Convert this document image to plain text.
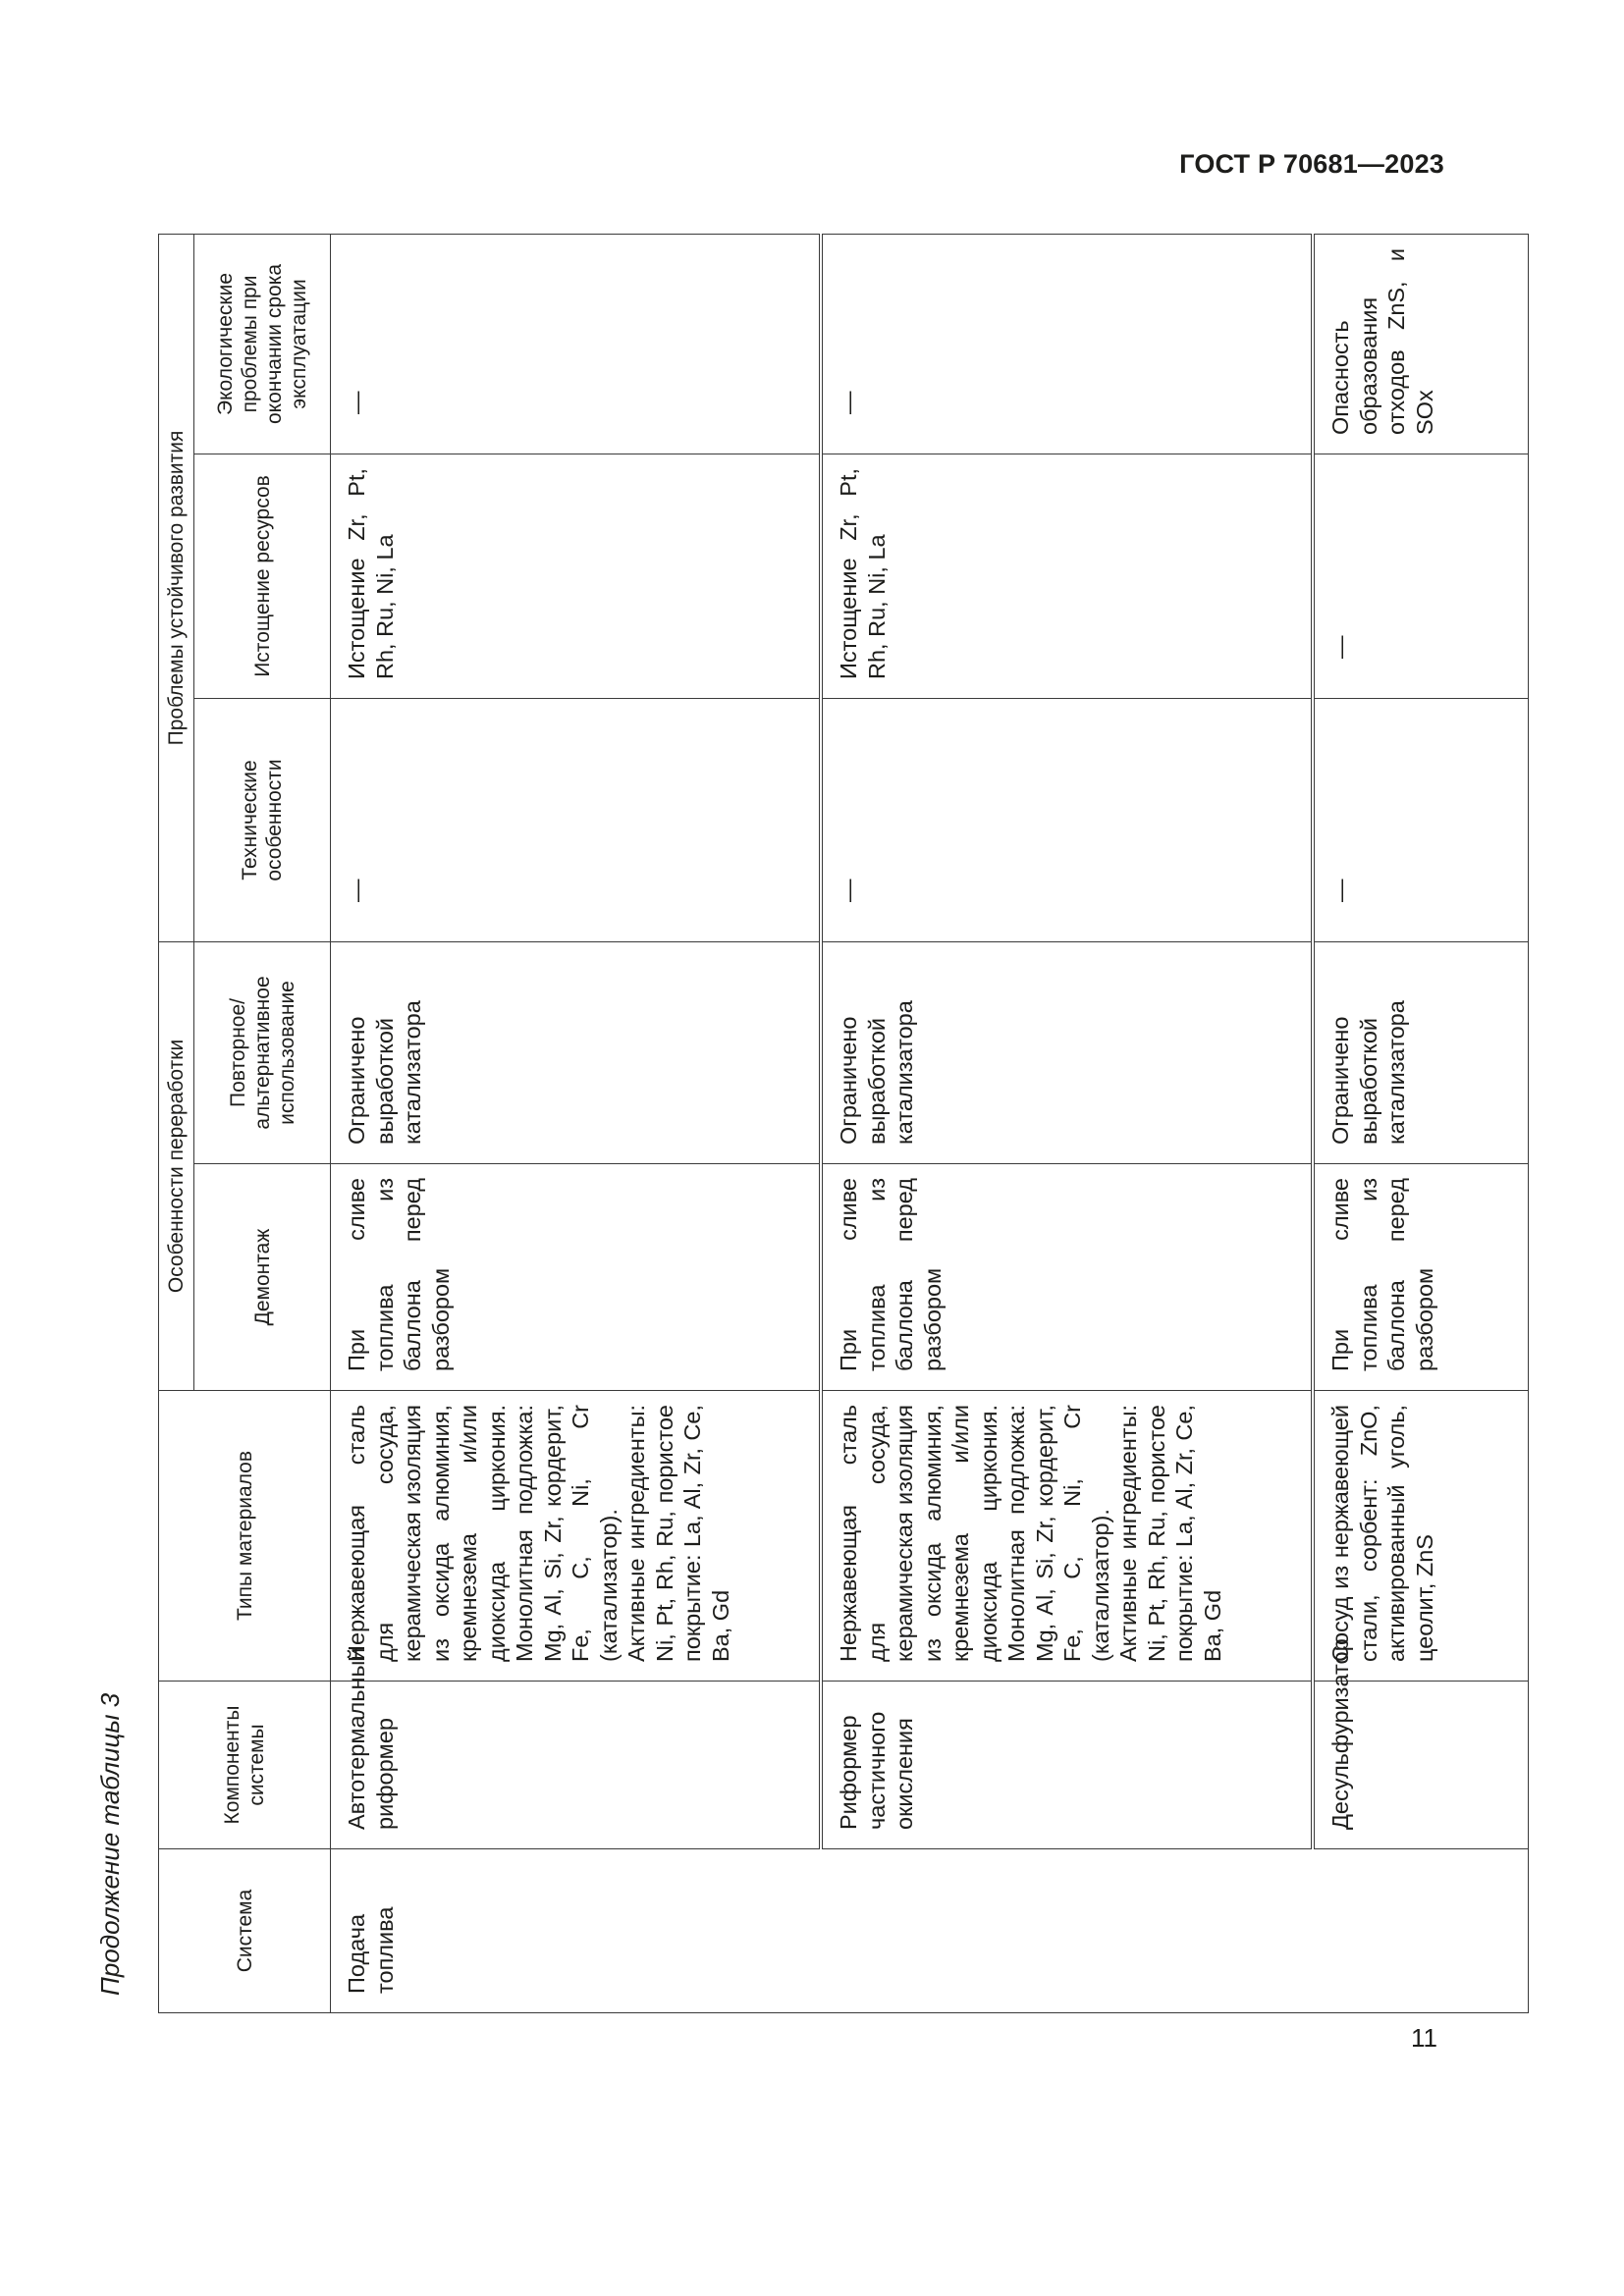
ГОСТ Р 70681—2023
Продолжение таблицы 3	Система	Компоненты системы	Типы материалов	Особенности переработки		Проблемы устойчивого развития		
			Демонтаж	Повторное/ альтернативное использование	Технические особенности	Истощение ресурсов	Экологические проблемы при окончании срока эксплуатации
Подача топлива	Автотермальный риформер	Нержавеющая сталь для сосуда, керамическая изоляция из оксида алюминия, кремнезема и/или диоксида циркония. Монолитная подложка: Mg, Al, Si, Zr, кордерит, Fe, C, Ni, Cr (катализатор). Активные ингредиенты: Ni, Pt, Rh, Ru, пористое покрытие: La, Al, Zr, Ce, Ba, Gd	При сливе топлива из баллона перед разбором	Ограничено выработкой катализатора	—	Истощение Zr, Pt, Rh, Ru, Ni, La	—
	Риформер частичного окисления	Нержавеющая сталь для сосуда, керамическая изоляция из оксида алюминия, кремнезема и/или диоксида циркония. Монолитная подложка: Mg, Al, Si, Zr, кордерит, Fe, C, Ni, Cr (катализатор). Активные ингредиенты: Ni, Pt, Rh, Ru, пористое покрытие: La, Al, Zr, Ce, Ba, Gd	При сливе топлива из баллона перед разбором	Ограничено выработкой катализатора	—	Истощение Zr, Pt, Rh, Ru, Ni, La	—
	Десульфуризатор	Сосуд из нержавеющей стали, сорбент: ZnO, активированный уголь, цеолит, ZnS	При сливе топлива из баллона перед разбором	Ограничено выработкой катализатора	—	—	Опасность образования отходов ZnS, и SOx
11
